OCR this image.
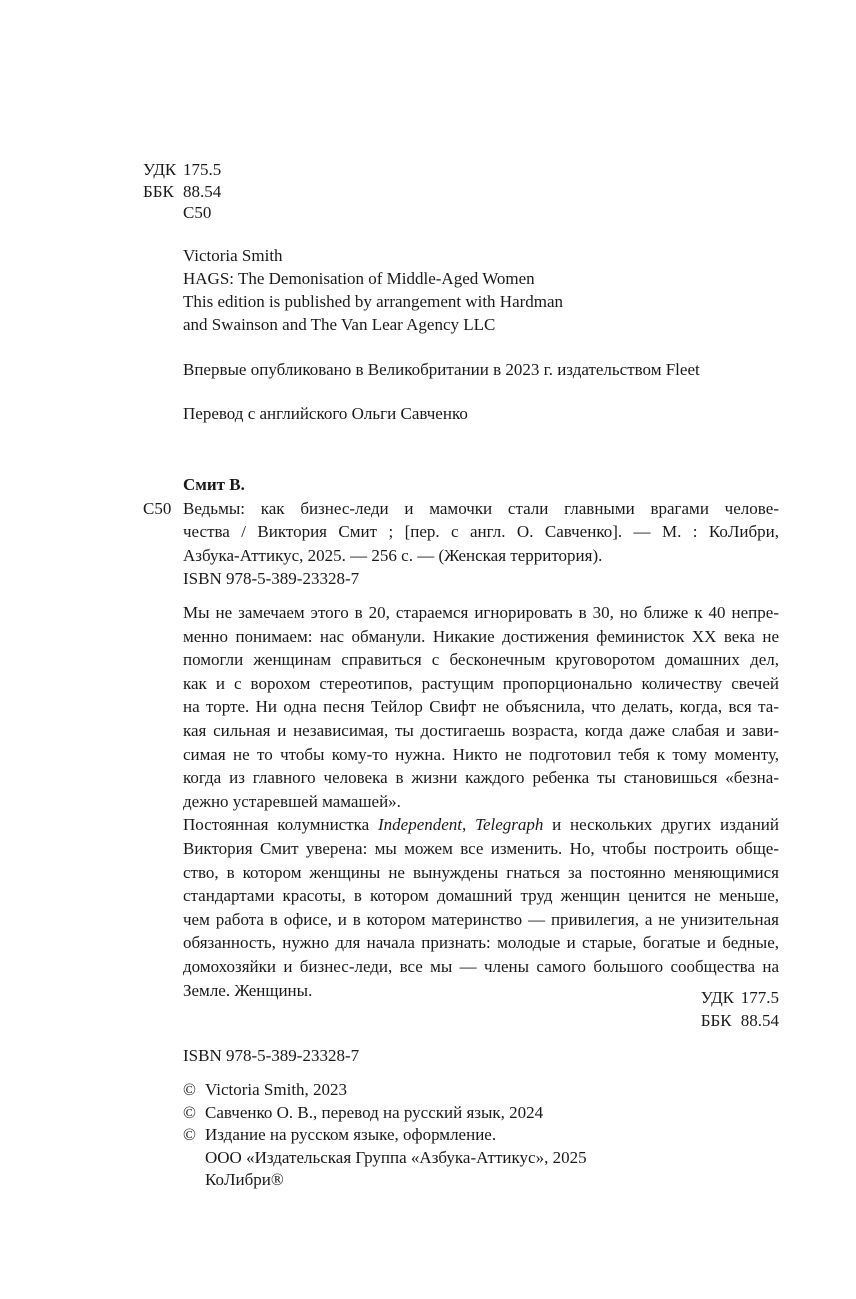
УДК 175.5
ББК 88.54
С50
Victoria Smith
HAGS: The Demonisation of Middle-Aged Women
This edition is published by arrangement with Hardman
and Swainson and The Van Lear Agency LLC
Впервые опубликовано в Великобритании в 2023 г. издательством Fleet
Перевод с английского Ольги Савченко
Смит В.
С50 Ведьмы: как бизнес-леди и мамочки стали главными врагами человe-
чества / Виктория Смит ; [пер. с англ. О. Савченко]. — М. : КоЛибри,
Азбука-Аттикус, 2025. — 256 с. — (Женская территория).
ISBN 978-5-389-23328-7
Мы не замечаем этого в 20, стараемся игнорировать в 30, но ближе к 40 непре-
менно понимаем: нас обманули. Никакие достижения феминисток XX века не
помогли женщинам справиться с бесконечным круговоротом домашних дел,
как и с ворохом стереотипов, растущим пропорционально количеству свечей
на торте. Ни одна песня Тейлор Свифт не объяснила, что делать, когда, вся та-
кая сильная и независимая, ты достигаешь возраста, когда даже слабая и зави-
симая не то чтобы кому-то нужна. Никто не подготовил тебя к тому моменту,
когда из главного человека в жизни каждого ребенка ты становишься «безна-
дежно устаревшей мамашей».
Постоянная колумнистка Independent, Telegraph и нескольких других изданий
Виктория Смит уверена: мы можем все изменить. Но, чтобы построить обще-
ство, в котором женщины не вынуждены гнаться за постоянно меняющимися
стандартами красоты, в котором домашний труд женщин ценится не меньше,
чем работа в офисе, и в котором материнство — привилегия, а не унизительная
обязанность, нужно для начала признать: молодые и старые, богатые и бедные,
домохозяйки и бизнес-леди, все мы — члены самого большого сообщества на
Земле. Женщины.	УДК 177.5
ББК 88.54
ISBN 978-5-389-23328-7
© Victoria Smith, 2023
© Савченко О. В., перевод на русский язык, 2024
© Издание на русском языке, оформление.
ООО «Издательская Группа «Азбука-Аттикус», 2025
КоЛибри®
